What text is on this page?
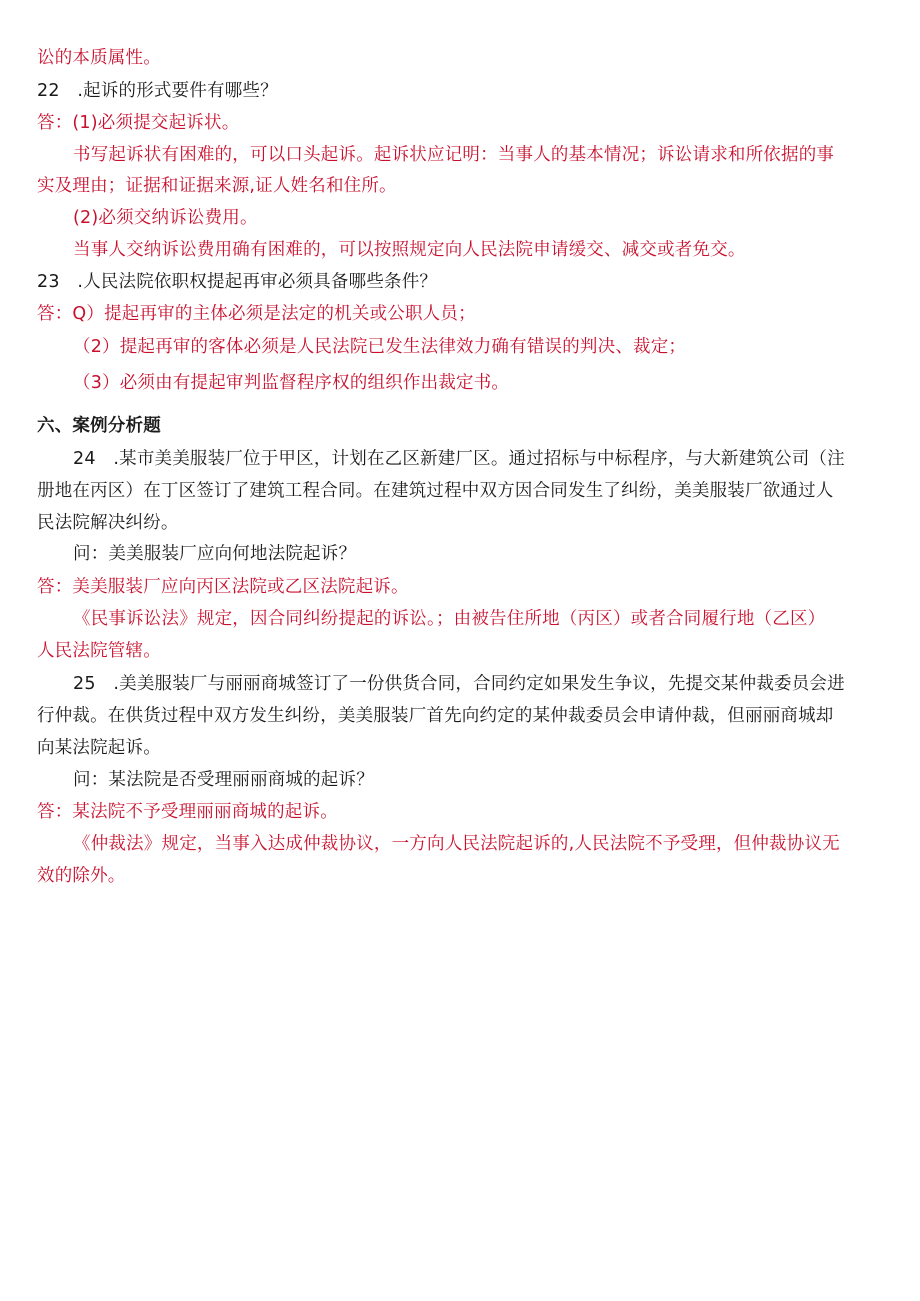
讼的本质属性。
22　.起诉的形式要件有哪些？
答：(1)必须提交起诉状。
书写起诉状有困难的，可以口头起诉。起诉状应记明：当事人的基本情况；诉讼请求和所依据的事
实及理由；证据和证据来源,证人姓名和住所。
(2)必须交纳诉讼费用。
当事人交纳诉讼费用确有困难的，可以按照规定向人民法院申请缓交、减交或者免交。
23　.人民法院依职权提起再审必须具备哪些条件？
答：Q）提起再审的主体必须是法定的机关或公职人员；
（2）提起再审的客体必须是人民法院已发生法律效力确有错误的判决、裁定；
（3）必须由有提起审判监督程序权的组织作出裁定书。
六、案例分析题
24　.某市美美服装厂位于甲区，计划在乙区新建厂区。通过招标与中标程序，与大新建筑公司（注
册地在丙区）在丁区签订了建筑工程合同。在建筑过程中双方因合同发生了纠纷，美美服装厂欲通过人
民法院解决纠纷。
问：美美服装厂应向何地法院起诉？
答：美美服装厂应向丙区法院或乙区法院起诉。
《民事诉讼法》规定，因合同纠纷提起的诉讼。；由被告住所地（丙区）或者合同履行地（乙区）
人民法院管辖。
25　.美美服装厂与丽丽商城签订了一份供货合同，合同约定如果发生争议，先提交某仲裁委员会进
行仲裁。在供货过程中双方发生纠纷，美美服装厂首先向约定的某仲裁委员会申请仲裁，但丽丽商城却
向某法院起诉。
问：某法院是否受理丽丽商城的起诉？
答：某法院不予受理丽丽商城的起诉。
《仲裁法》规定，当事入达成仲裁协议，一方向人民法院起诉的,人民法院不予受理，但仲裁协议无
效的除外。
